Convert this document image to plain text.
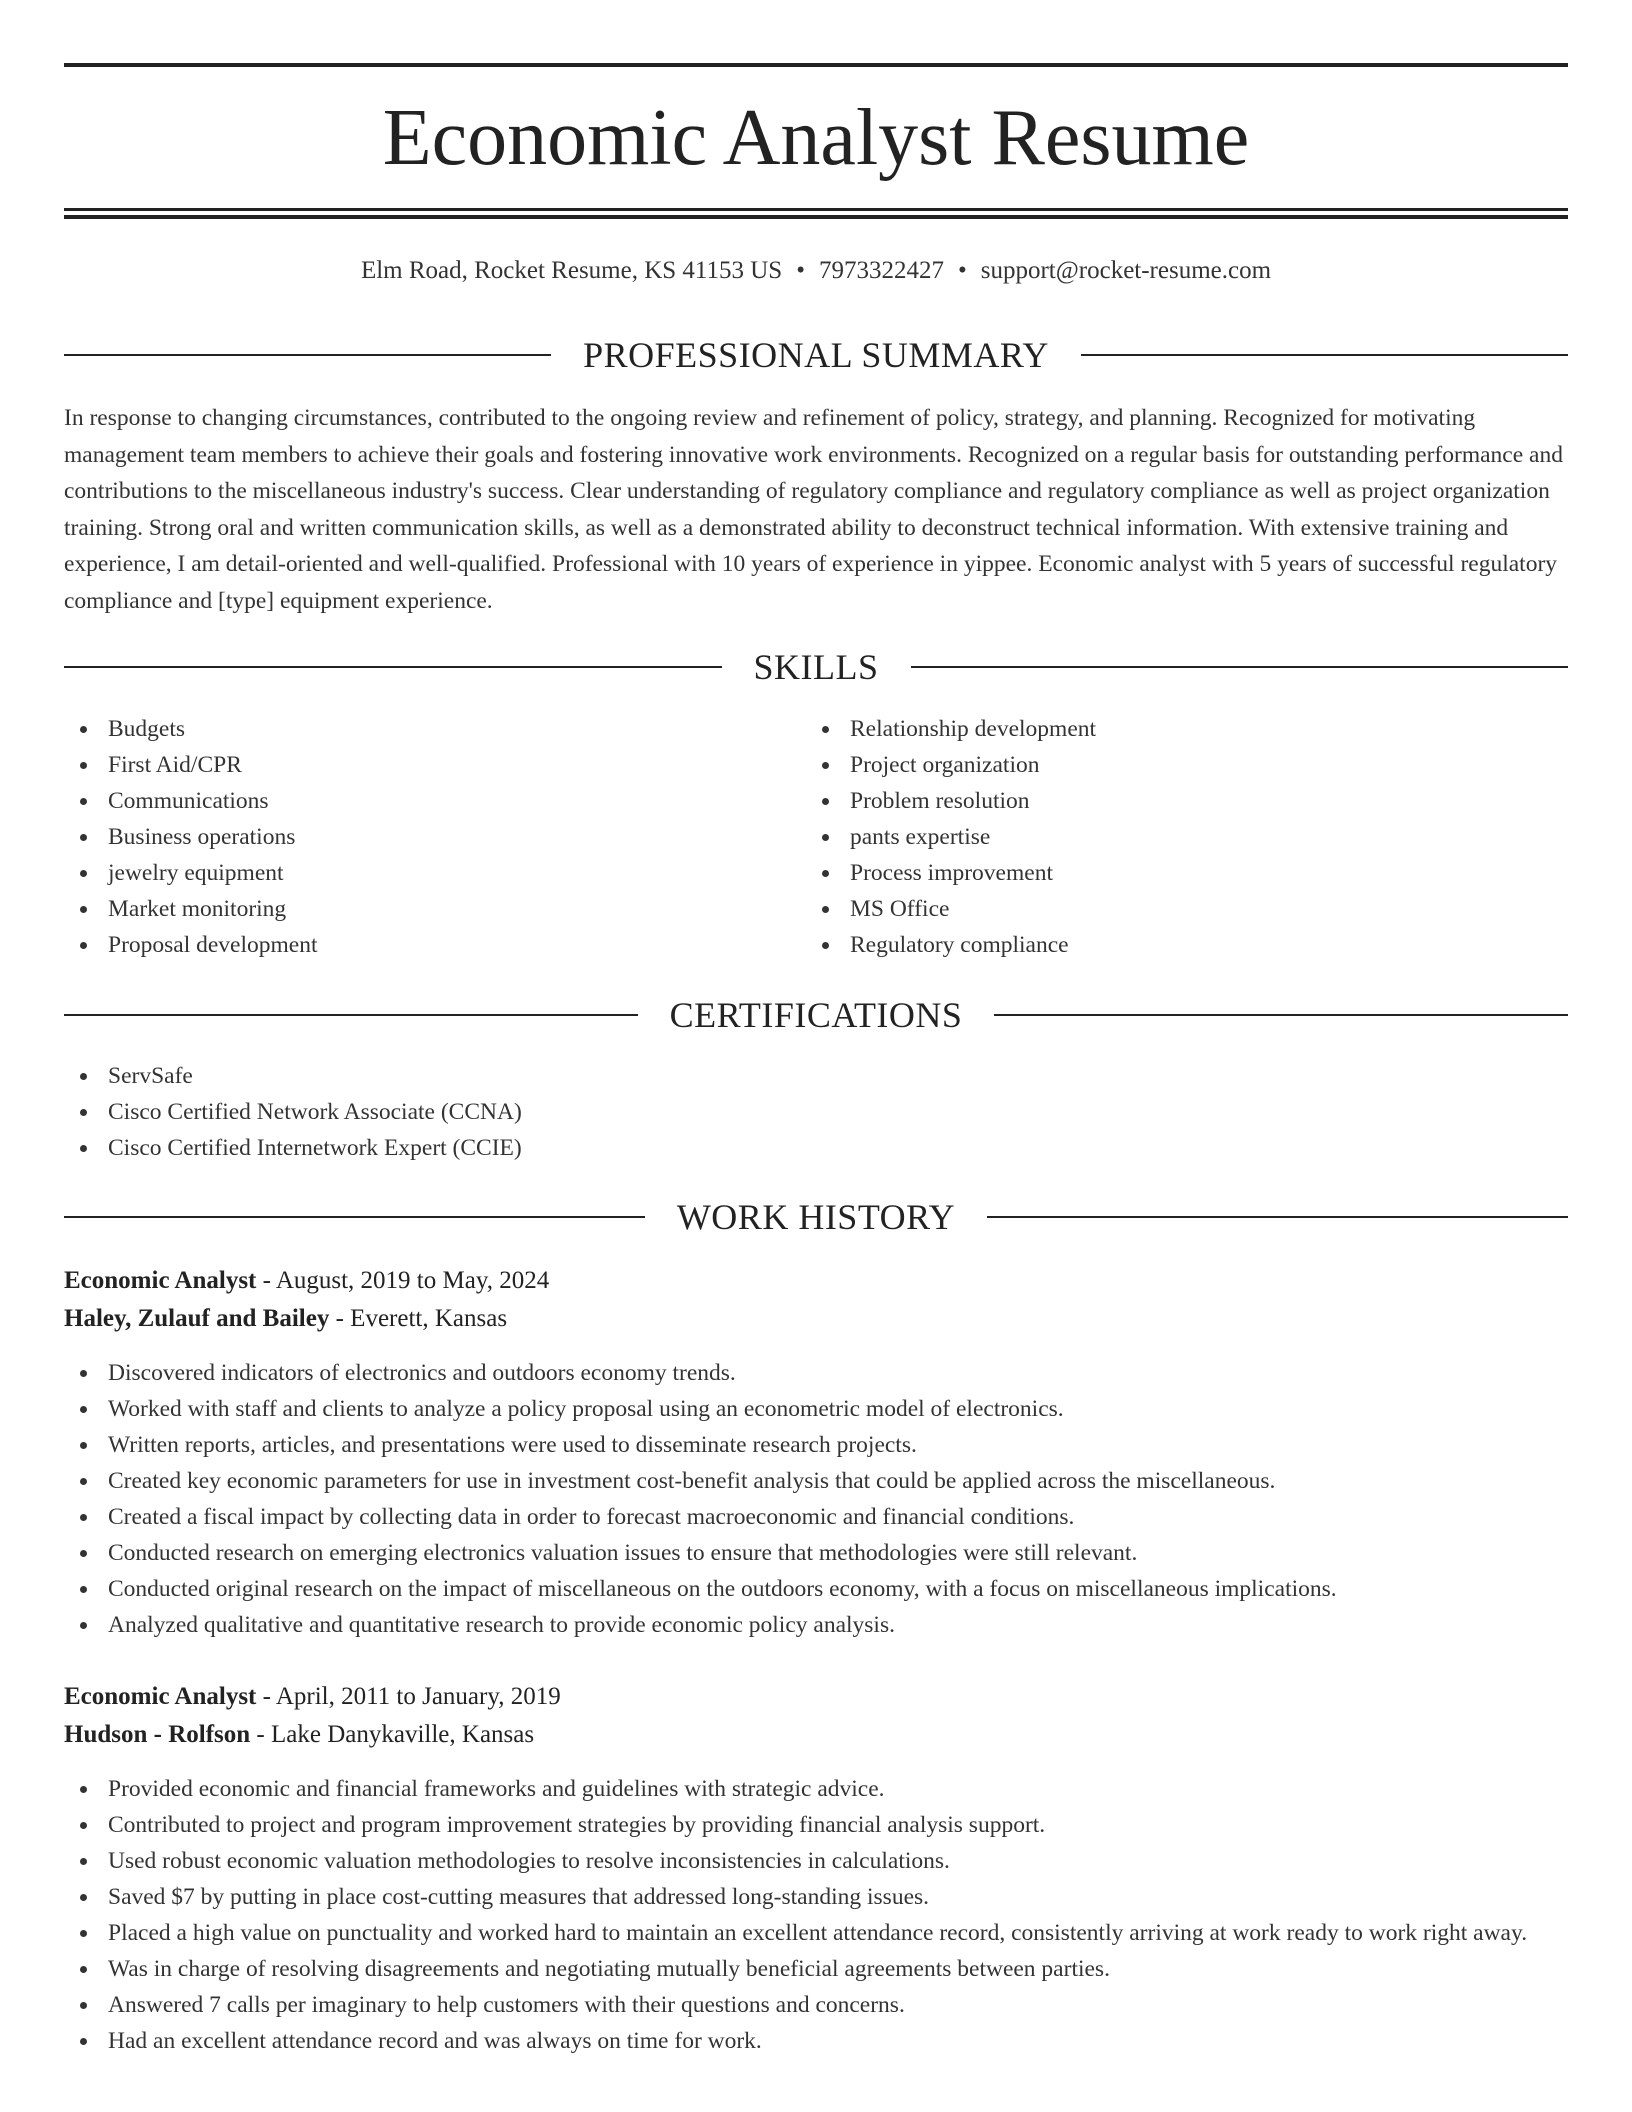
Economic Analyst Resume
Elm Road, Rocket Resume, KS 41153 US • 7973322427 • support@rocket-resume.com
PROFESSIONAL SUMMARY

In response to changing circumstances, contributed to the ongoing review and refinement of policy, strategy, and planning. Recognized for motivating management team members to achieve their goals and fostering innovative work environments. Recognized on a regular basis for outstanding performance and contributions to the miscellaneous industry's success. Clear understanding of regulatory compliance and regulatory compliance as well as project organization training. Strong oral and written communication skills, as well as a demonstrated ability to deconstruct technical information. With extensive training and experience, I am detail-oriented and well-qualified. Professional with 10 years of experience in yippee. Economic analyst with 5 years of successful regulatory compliance and [type] equipment experience.

SKILLS
Budgets
First Aid/CPR
Communications
Business operations
jewelry equipment
Market monitoring
Proposal development
Relationship development
Project organization
Problem resolution
pants expertise
Process improvement
MS Office
Regulatory compliance
CERTIFICATIONS
ServSafe
Cisco Certified Network Associate (CCNA)
Cisco Certified Internetwork Expert (CCIE)
WORK HISTORY
Economic Analyst - August, 2019 to May, 2024
Haley, Zulauf and Bailey - Everett, Kansas
Discovered indicators of electronics and outdoors economy trends.
Worked with staff and clients to analyze a policy proposal using an econometric model of electronics.
Written reports, articles, and presentations were used to disseminate research projects.
Created key economic parameters for use in investment cost-benefit analysis that could be applied across the miscellaneous.
Created a fiscal impact by collecting data in order to forecast macroeconomic and financial conditions.
Conducted research on emerging electronics valuation issues to ensure that methodologies were still relevant.
Conducted original research on the impact of miscellaneous on the outdoors economy, with a focus on miscellaneous implications.
Analyzed qualitative and quantitative research to provide economic policy analysis.
Economic Analyst - April, 2011 to January, 2019
Hudson - Rolfson - Lake Danykaville, Kansas
Provided economic and financial frameworks and guidelines with strategic advice.
Contributed to project and program improvement strategies by providing financial analysis support.
Used robust economic valuation methodologies to resolve inconsistencies in calculations.
Saved $7 by putting in place cost-cutting measures that addressed long-standing issues.
Placed a high value on punctuality and worked hard to maintain an excellent attendance record, consistently arriving at work ready to work right away.
Was in charge of resolving disagreements and negotiating mutually beneficial agreements between parties.
Answered 7 calls per imaginary to help customers with their questions and concerns.
Had an excellent attendance record and was always on time for work.
